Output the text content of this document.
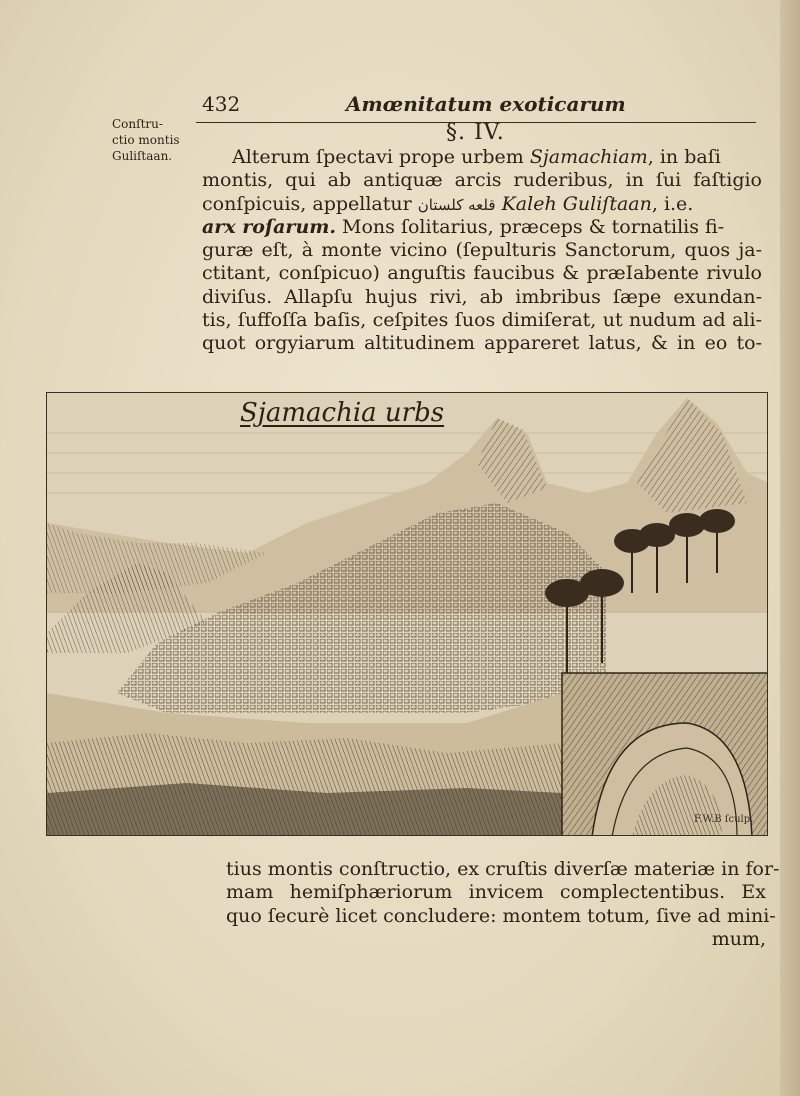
432	Amœnitatum exoticarum
Conſtru-
ctio montis
Guliſtaan.
§. IV.
Alterum ſpectavi prope urbem Sjamachiam, in baſi
montis, qui ab antiquæ arcis ruderibus, in ſui faſtigio
conſpicuis, appellatur قلعه كلستان Kaleh Guliſtaan, i.e.
arx roſarum. Mons ſolitarius, præceps & tornatilis fi-
guræ eſt, à monte vicino (ſepulturis Sanctorum, quos ja-
ctitant, conſpicuo) anguſtis faucibus & præIabente rivulo
diviſus. Allapſu hujus rivi, ab imbribus ſæpe exundan-
tis, ſuffoſſa baſis, ceſpites ſuos dimiſerat, ut nudum ad ali-
quot orgyiarum altitudinem appareret latus, & in eo to-
Sjamachia urbs
F.W.B ſculp.
tius montis conſtructio, ex cruſtis diverſæ materiæ in for-
mam hemiſphæriorum invicem complectentibus. Ex
quo ſecurè licet concludere: montem totum, ſive ad mini-
mum,
